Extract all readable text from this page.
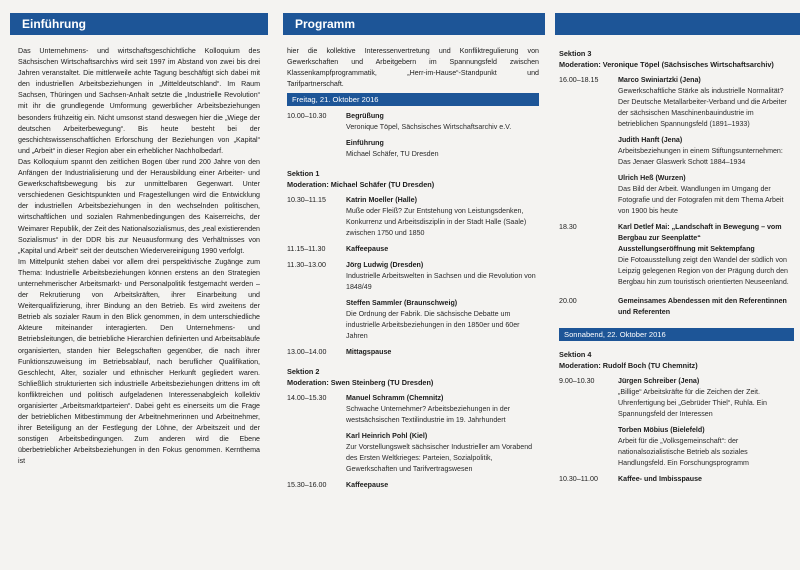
Einführung

Das Unternehmens- und wirtschaftsgeschichtliche Kolloquium des Sächsischen Wirtschaftsarchivs wird seit 1997 im Abstand von zwei bis drei Jahren veranstaltet. Die mittlerweile achte Tagung beschäftigt sich dabei mit den industriellen Arbeitsbeziehungen in „Mitteldeutschland“. Im Raum Sachsen, Thüringen und Sachsen-Anhalt setzte die „Industrielle Revolution“ mit ihr die grundlegende Umformung gewerblicher Arbeitsbeziehungen besonders frühzeitig ein. Nicht umsonst stand deswegen hier die „Wiege der deutschen Arbeiterbewegung“. Bis heute besteht bei der geschichtswissenschaftlichen Erforschung der Beziehungen von „Kapital“ und „Arbeit“ in dieser Region aber ein erheblicher Nachholbedarf.

Das Kolloquium spannt den zeitlichen Bogen über rund 200 Jahre von den Anfängen der Industrialisierung und der Herausbildung einer Arbeiter- und Gewerkschaftsbewegung bis zur unmittelbaren Gegenwart. Unter verschiedenen Gesichtspunkten und Fragestellungen wird die Entwicklung der industriellen Arbeitsbeziehungen in den wechselnden politischen, wirtschaftlichen und sozialen Rahmenbedingungen des Kaiserreichs, der Weimarer Republik, der Zeit des Nationalsozialismus, des „real existierenden Sozialismus“ in der DDR bis zur Neuausformung des Verhältnisses von „Kapital und Arbeit“ seit der deutschen Wiedervereinigung 1990 verfolgt.

Im Mittelpunkt stehen dabei vor allem drei perspektivische Zugänge zum Thema: Industrielle Arbeitsbeziehungen können erstens an den Strategien unternehmerischer Arbeitsmarkt- und Personalpolitik festgemacht werden – der Rekrutierung von Arbeitskräften, ihrer Einarbeitung und Weiterqualifizierung, ihrer Bindung an den Betrieb. Es wird zweitens der Betrieb als sozialer Raum in den Blick genommen, in dem unterschiedliche Akteure miteinander interagierten. Den Unternehmens- und Betriebsleitungen, die betriebliche Hierarchien definierten und Arbeitsabläufe organisierten, standen hier Belegschaften gegenüber, die nach ihrer Funktionszuweisung im Betriebsablauf, nach beruflicher Qualifikation, Geschlecht, Alter, sozialer und ethnischer Herkunft gegliedert waren. Schließlich strukturierten sich industrielle Arbeitsbeziehungen drittens im oft konfliktreichen und politisch aufgeladenen Interessenabgleich kollektiv organisierter „Arbeitsmarktparteien“. Dabei geht es einerseits um die Frage der betrieblichen Mitbestimmung der Arbeitnehmerinnen und Arbeitnehmer, ihrer Beteiligung an der Festlegung der Löhne, der Arbeitszeit und der sonstigen Arbeitsbedingungen. Zum anderen wird die Ebene überbetrieblicher Arbeitsbeziehungen in den Fokus genommen. Kernthema ist

Programm

hier die kollektive Interessenvertretung und Konfliktregulierung von Gewerkschaften und Arbeitgebern im Spannungsfeld zwischen Klassenkampfprogrammatik, „Herr-im-Hause“-Standpunkt und Tarifpartnerschaft.

Freitag, 21. Oktober 2016
10.00–10.30	Begrüßung
Veronique Töpel, Sächsisches Wirtschaftsarchiv e.V.
Einführung
Michael Schäfer, TU Dresden
Sektion 1
Moderation: Michael Schäfer (TU Dresden)
10.30–11.15	Katrin Moeller (Halle)
Muße oder Fleiß? Zur Entstehung von Leistungsdenken, Konkurrenz und Arbeitsdisziplin in der Stadt Halle (Saale) zwischen 1750 und 1850
11.15–11.30	Kaffeepause
11.30–13.00	Jörg Ludwig (Dresden)
Industrielle Arbeitswelten in Sachsen und die Revolution von 1848/49
Steffen Sammler (Braunschweig)
Die Ordnung der Fabrik. Die sächsische Debatte um industrielle Arbeitsbeziehungen in den 1850er und 60er Jahren
13.00–14.00	Mittagspause
Sektion 2
Moderation: Swen Steinberg (TU Dresden)
14.00–15.30	Manuel Schramm (Chemnitz)
Schwache Unternehmer? Arbeitsbeziehungen in der westsächsischen Textilindustrie im 19. Jahrhundert
Karl Heinrich Pohl (Kiel)
Zur Vorstellungswelt sächsischer Industrieller am Vorabend des Ersten Weltkrieges: Parteien, Sozialpolitik, Gewerkschaften und Tarifvertragswesen
15.30–16.00	Kaffeepause
Sektion 3
Moderation: Veronique Töpel (Sächsisches Wirtschaftsarchiv)
16.00–18.15	Marco Swiniartzki (Jena)
Gewerkschaftliche Stärke als industrielle Normalität? Der Deutsche Metallarbeiter-Verband und die Arbeiter der sächsischen Maschinenbauindustrie im betrieblichen Spannungsfeld (1891–1933)
Judith Hanft (Jena)
Arbeitsbeziehungen in einem Stiftungsunternehmen: Das Jenaer Glaswerk Schott 1884–1934
Ulrich Heß (Wurzen)
Das Bild der Arbeit. Wandlungen im Umgang der Fotografie und der Fotografen mit dem Thema Arbeit von 1900 bis heute
18.30	Karl Detlef Mai: „Landschaft in Bewegung – vom Bergbau zur Seenplatte“
Ausstellungseröffnung mit Sektempfang
Die Fotoausstellung zeigt den Wandel der südlich von Leipzig gelegenen Region von der Prägung durch den Bergbau hin zum touristisch orientierten Neuseenland.
20.00	Gemeinsames Abendessen mit den Referentinnen und Referenten
Sonnabend, 22. Oktober 2016
Sektion 4
Moderation: Rudolf Boch (TU Chemnitz)
9.00–10.30	Jürgen Schreiber (Jena)
„Billige“ Arbeitskräfte für die Zeichen der Zeit. Uhrenfertigung bei „Gebrüder Thiel“, Ruhla. Ein Spannungsfeld der Interessen
Torben Möbius (Bielefeld)
Arbeit für die „Volksgemeinschaft“: der nationalsozialistische Betrieb als soziales Handlungsfeld. Ein Forschungsprogramm
10.30–11.00	Kaffee- und Imbisspause
